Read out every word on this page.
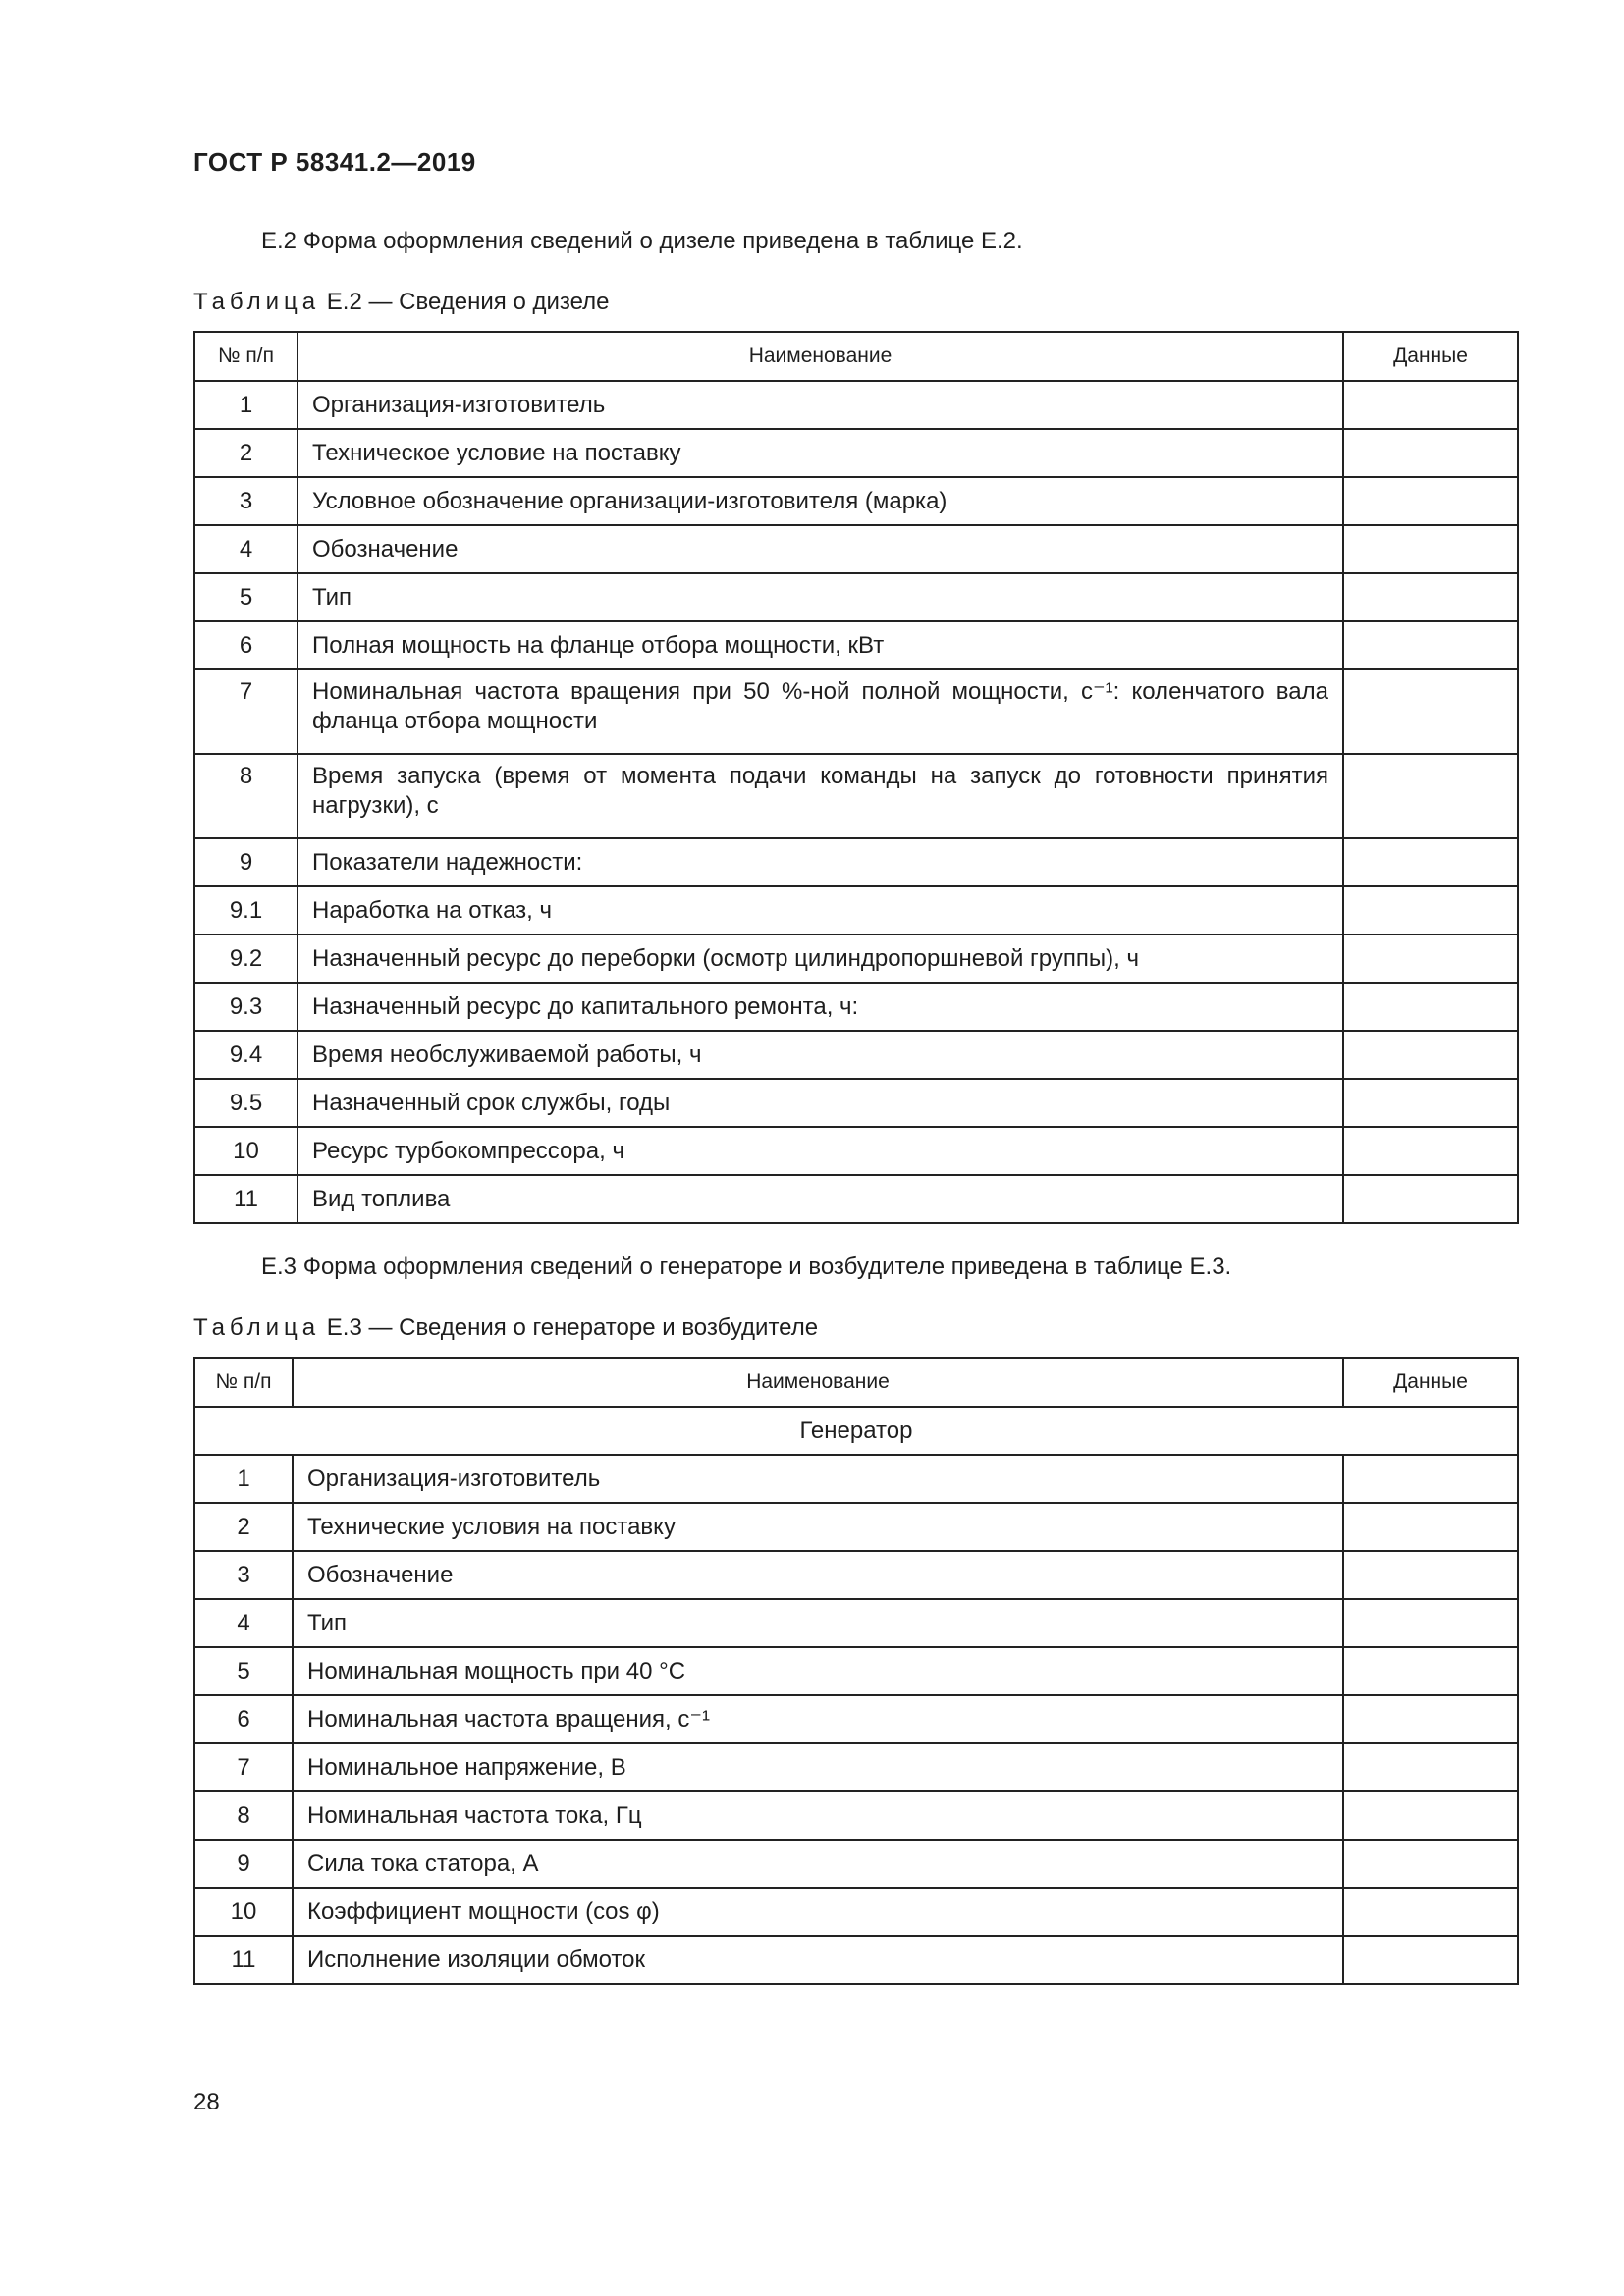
ГОСТ Р 58341.2—2019
Е.2 Форма оформления сведений о дизеле приведена в таблице Е.2.
Таблица Е.2 — Сведения о дизеле
№ п/п	Наименование	Данные
1	Организация-изготовитель	
2	Техническое условие на поставку	
3	Условное обозначение организации-изготовителя (марка)	
4	Обозначение	
5	Тип	
6	Полная мощность на фланце отбора мощности, кВт	
7	Номинальная частота вращения при 50 %-ной полной мощности, с⁻¹: коленчатого вала фланца отбора мощности	
8	Время запуска (время от момента подачи команды на запуск до готовности принятия нагрузки), с	
9	Показатели надежности:	
9.1	Наработка на отказ, ч	
9.2	Назначенный ресурс до переборки (осмотр цилиндропоршневой группы), ч	
9.3	Назначенный ресурс до капитального ремонта, ч:	
9.4	Время необслуживаемой работы, ч	
9.5	Назначенный срок службы, годы	
10	Ресурс турбокомпрессора, ч	
11	Вид топлива	
Е.3 Форма оформления сведений о генераторе и возбудителе приведена в таблице Е.3.
Таблица Е.3 — Сведения о генераторе и возбудителе
№ п/п	Наименование	Данные
Генератор		
1	Организация-изготовитель	
2	Технические условия на поставку	
3	Обозначение	
4	Тип	
5	Номинальная мощность при 40 °С	
6	Номинальная частота вращения, с⁻¹	
7	Номинальное напряжение, В	
8	Номинальная частота тока, Гц	
9	Сила тока статора, А	
10	Коэффициент мощности (cos φ)	
11	Исполнение изоляции обмоток	
28
